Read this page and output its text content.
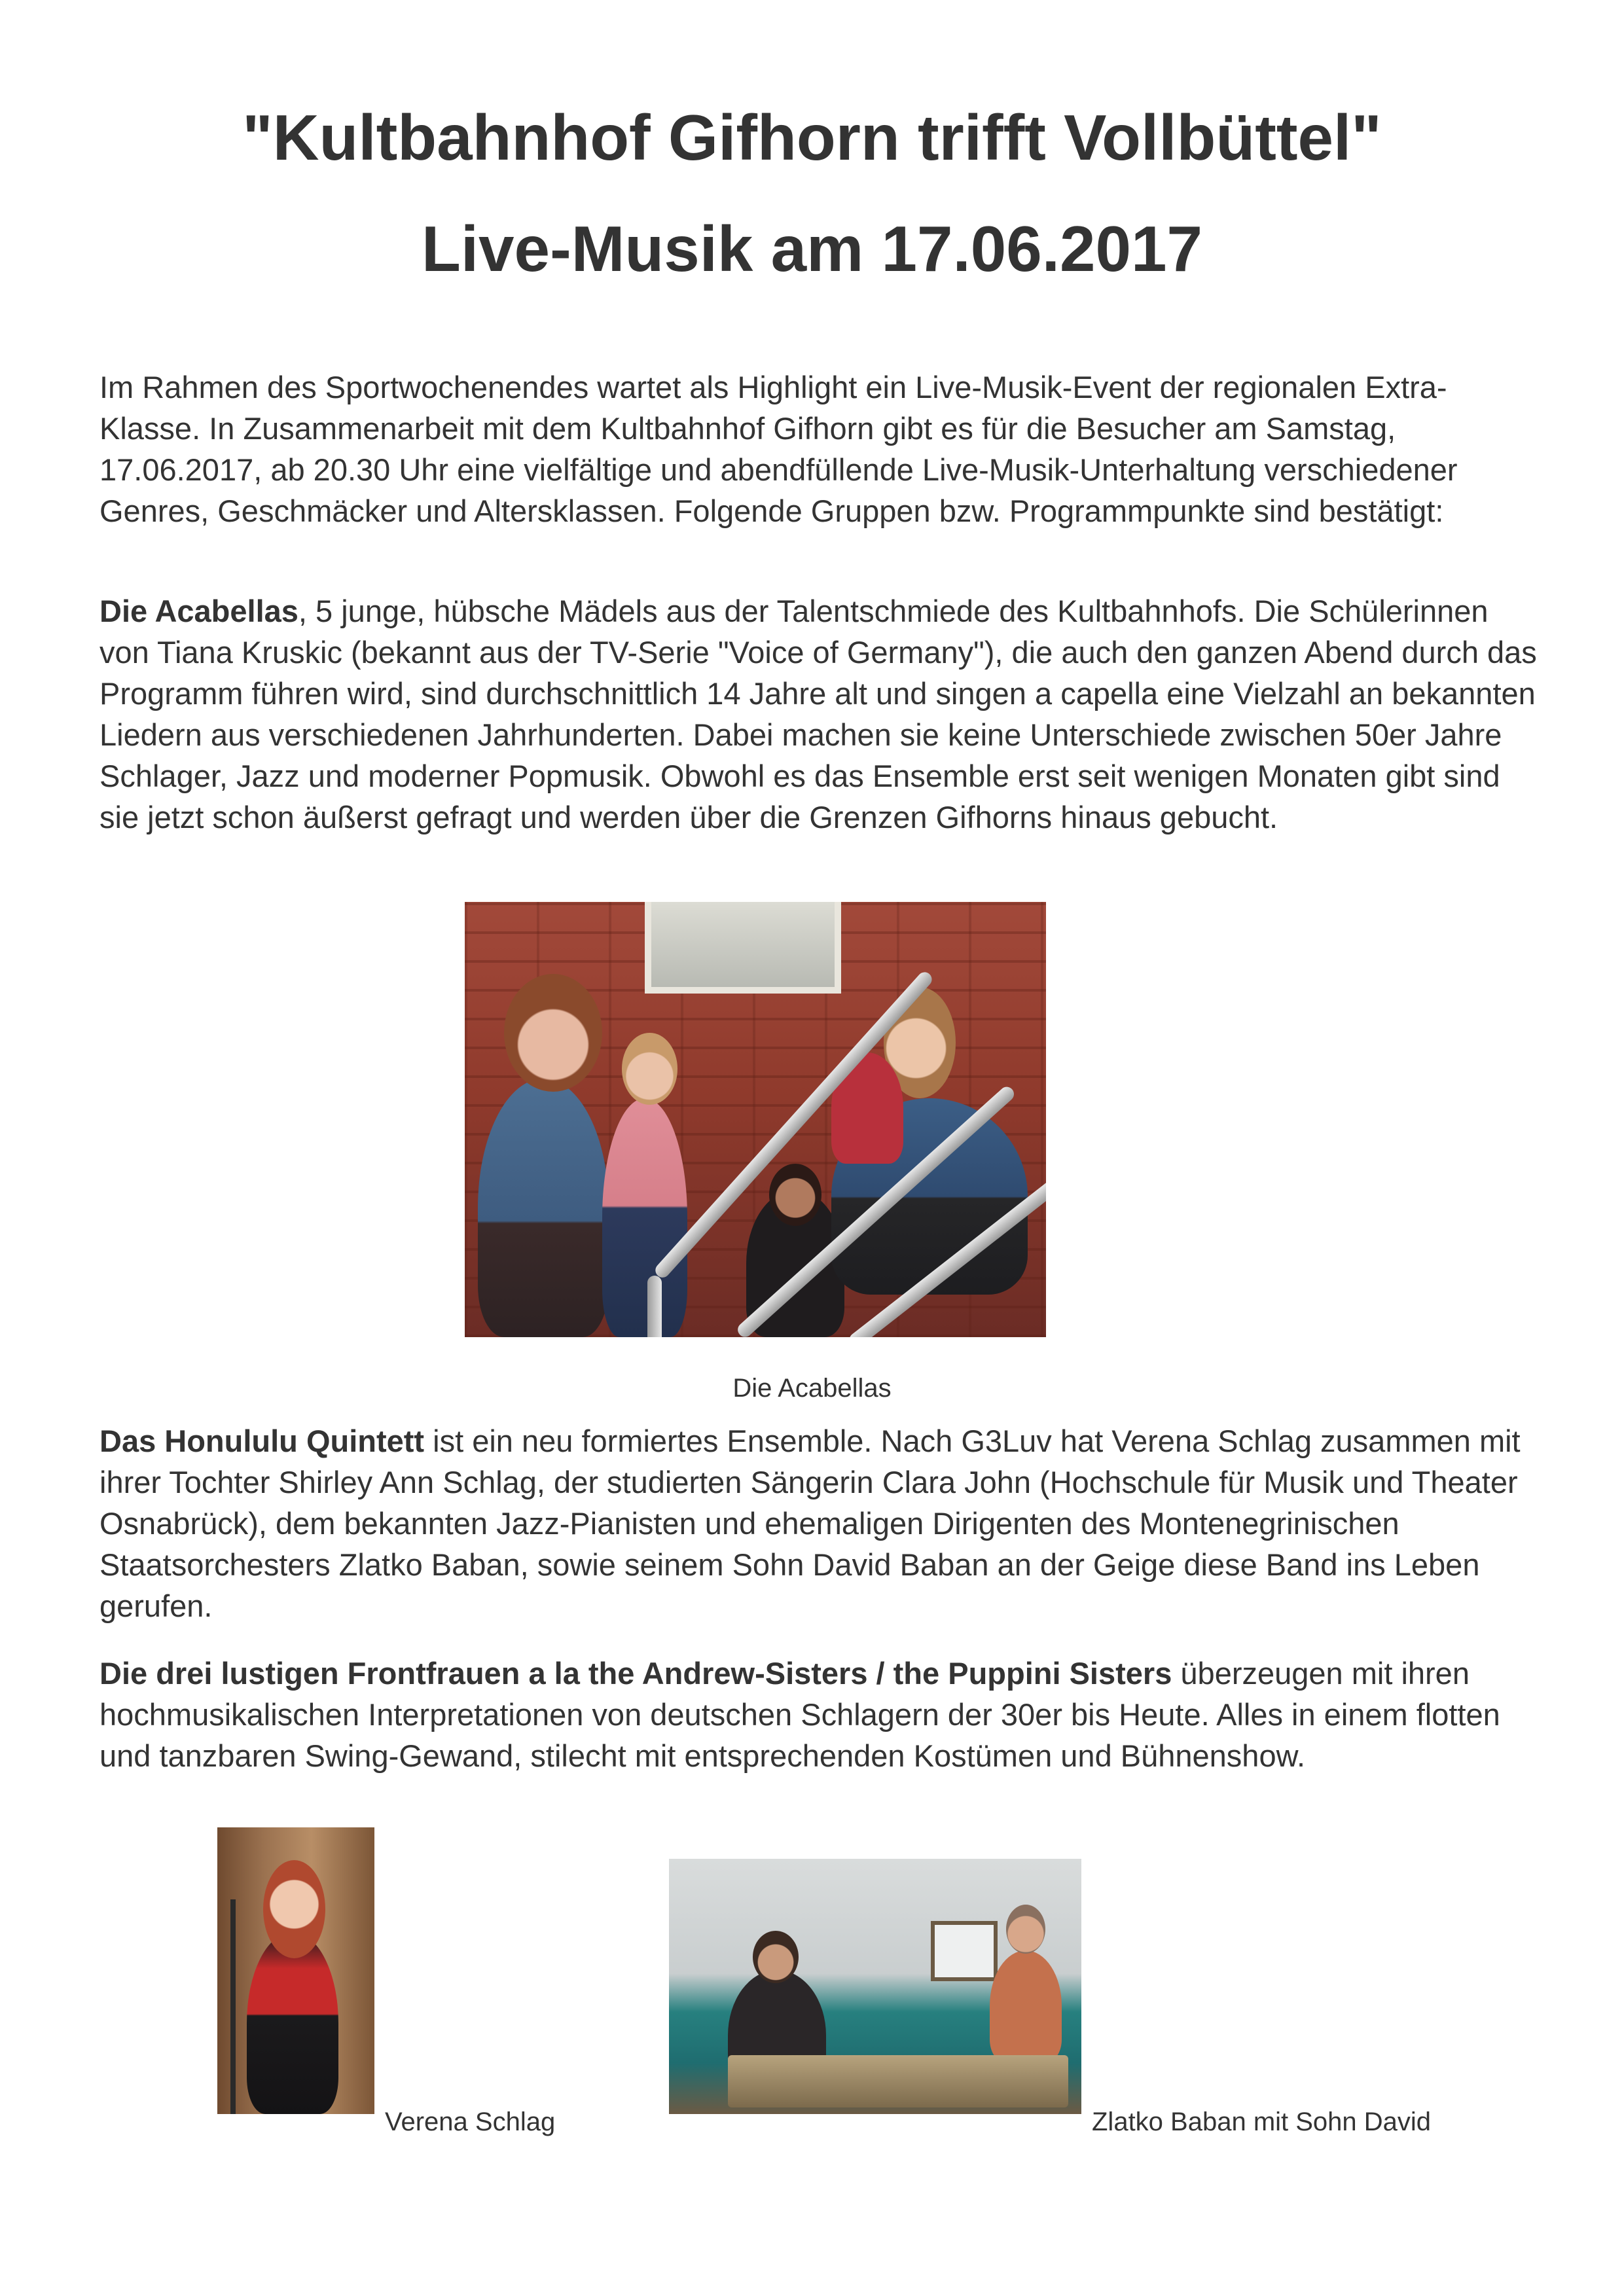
"Kultbahnhof Gifhorn trifft Vollbüttel"
Live-Musik am 17.06.2017

Im Rahmen des Sportwochenendes wartet als Highlight ein Live-Musik-Event der regionalen Extra-Klasse. In Zusammenarbeit mit dem Kultbahnhof Gifhorn gibt es für die Besucher am Samstag, 17.06.2017, ab 20.30 Uhr eine vielfältige und abendfüllende Live-Musik-Unterhaltung verschiedener Genres, Geschmäcker und Altersklassen. Folgende Gruppen bzw. Programmpunkte sind bestätigt:

Die Acabellas, 5 junge, hübsche Mädels aus der Talentschmiede des Kultbahnhofs. Die Schülerinnen von Tiana Kruskic (bekannt aus der TV-Serie "Voice of Germany"), die auch den ganzen Abend durch das Programm führen wird, sind durchschnittlich 14 Jahre alt und singen a capella eine Vielzahl an bekannten Liedern aus verschiedenen Jahrhunderten. Dabei machen sie keine Unterschiede zwischen 50er Jahre Schlager, Jazz und moderner Popmusik. Obwohl es das Ensemble erst seit wenigen Monaten gibt sind sie jetzt schon äußerst gefragt und werden über die Grenzen Gifhorns hinaus gebucht.

Die Acabellas

Das Honululu Quintett ist ein neu formiertes Ensemble. Nach G3Luv hat Verena Schlag zusammen mit ihrer Tochter Shirley Ann Schlag, der studierten Sängerin Clara John (Hochschule für Musik und Theater Osnabrück), dem bekannten Jazz-Pianisten und ehemaligen Dirigenten des Montenegrinischen Staatsorchesters Zlatko Baban, sowie seinem Sohn David Baban an der Geige diese Band ins Leben gerufen.

Die drei lustigen Frontfrauen a la the Andrew-Sisters / the Puppini Sisters überzeugen mit ihren hochmusikalischen Interpretationen von deutschen Schlagern der 30er bis Heute. Alles in einem flotten und tanzbaren Swing-Gewand, stilecht mit entsprechenden Kostümen und Bühnenshow.

Verena Schlag	Zlatko Baban mit Sohn David
